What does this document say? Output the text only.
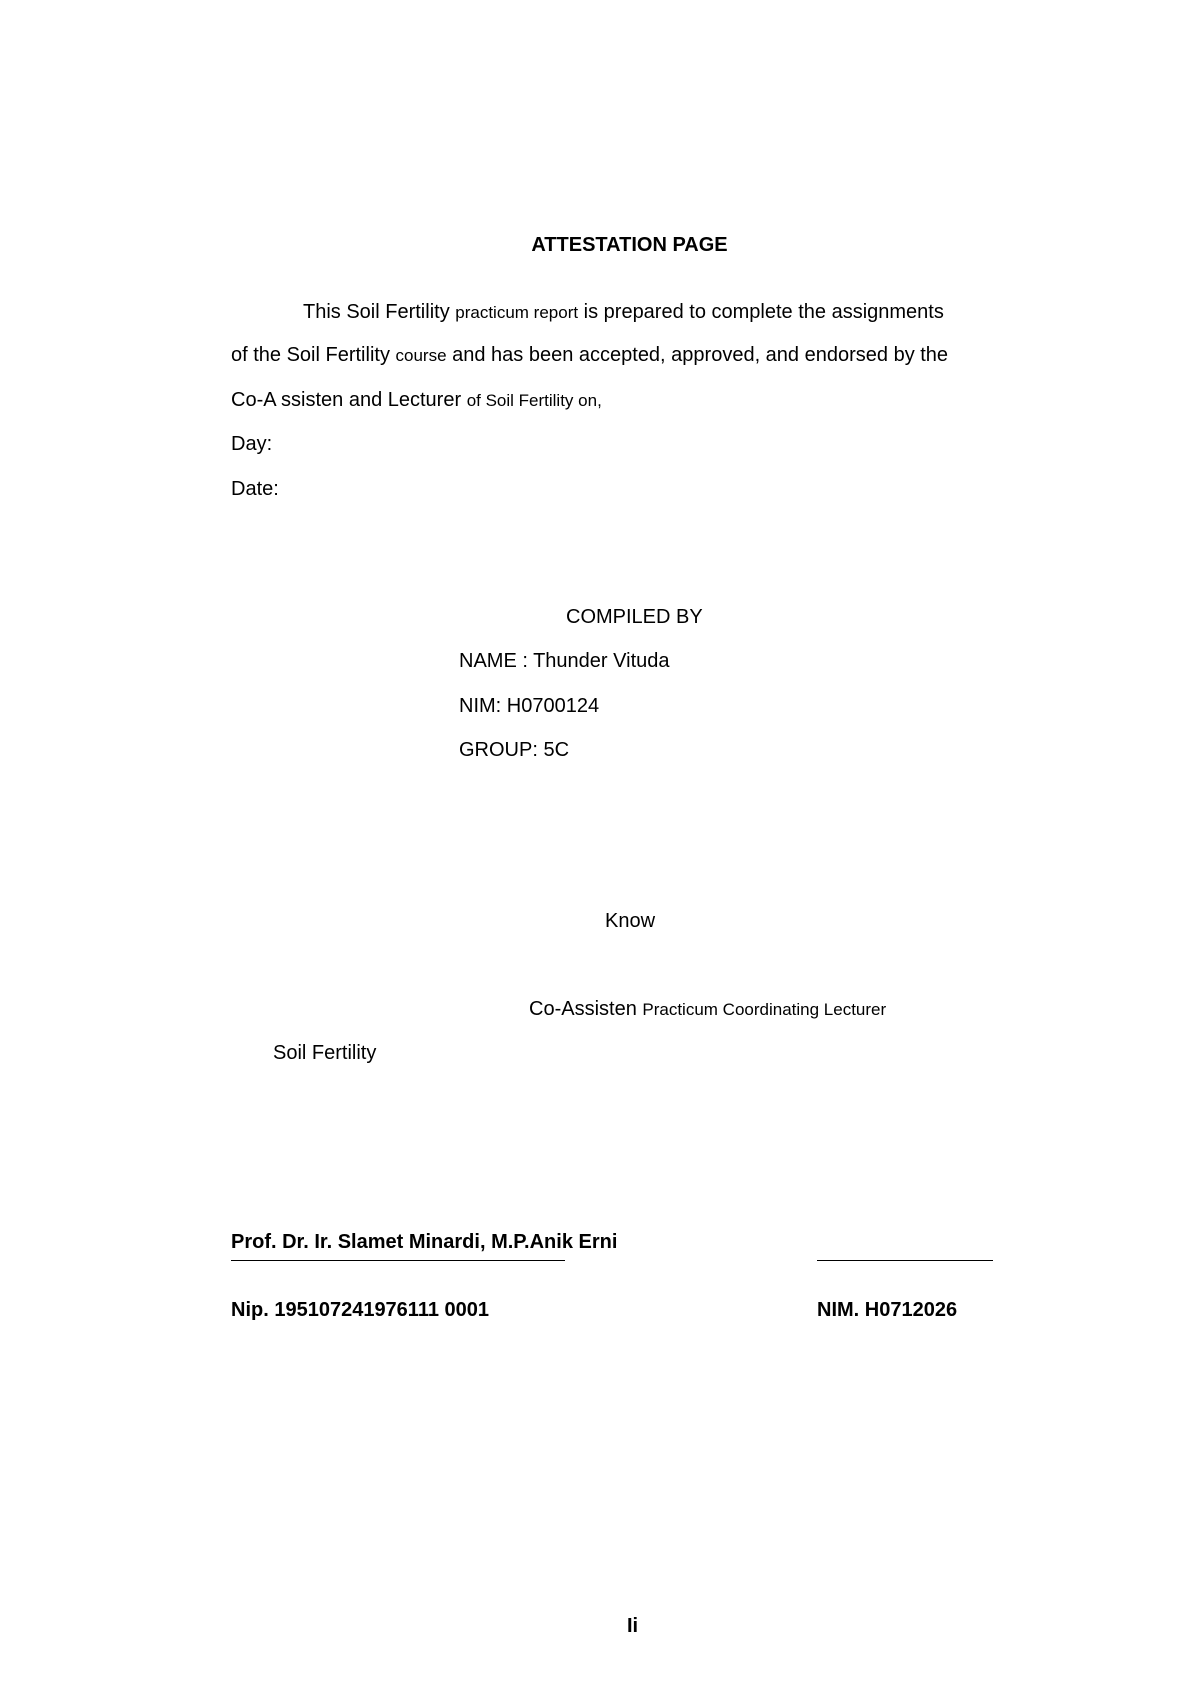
ATTESTATION PAGE
This Soil Fertility practicum report is prepared to complete the assignments
of the Soil Fertility course and has been accepted, approved, and endorsed by the
Co-A ssisten and Lecturer of Soil Fertility on,
Day:
Date:
COMPILED BY
NAME : Thunder Vituda
NIM: H0700124
GROUP: 5C
Know
Co-Assisten Practicum Coordinating Lecturer
Soil Fertility
Prof. Dr. Ir. Slamet Minardi, M.P.Anik Erni
Nip. 195107241976111 0001	NIM. H0712026
Ii
